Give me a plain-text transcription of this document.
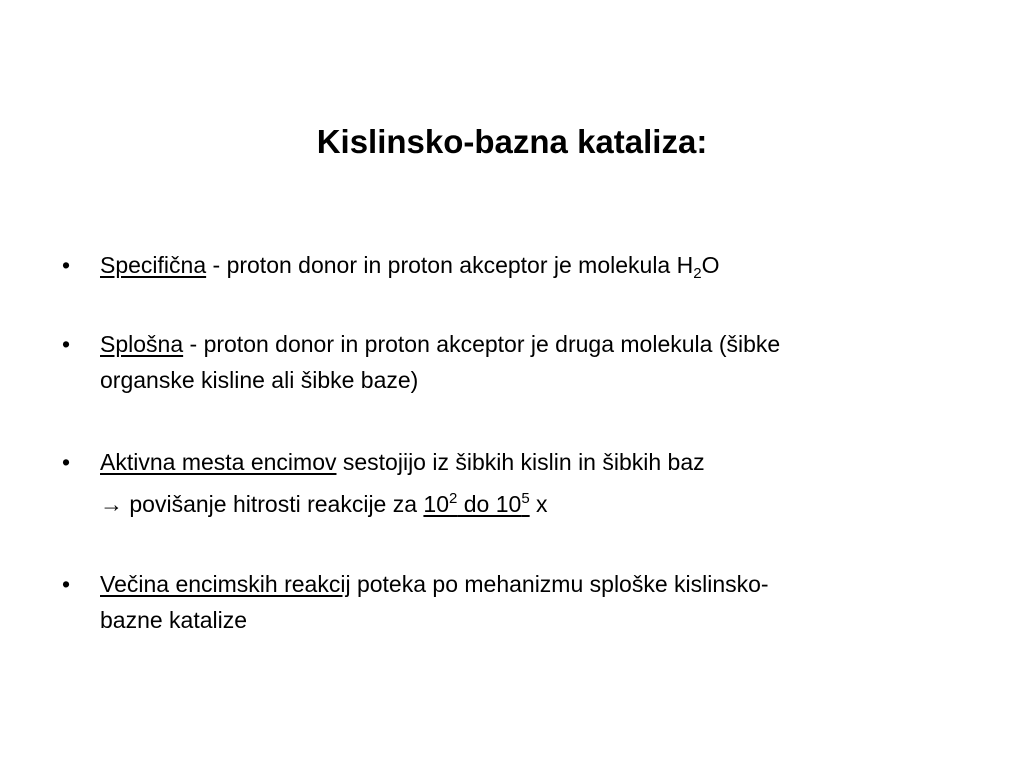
Kislinsko-bazna kataliza:
•	Specifična - proton donor in proton akceptor je molekula $H_2O$
•	Splošna - proton donor in proton akceptor je druga molekula (šibke
organske kisline ali šibke baze)
•	Aktivna mesta encimov sestojijo iz šibkih kislin in šibkih baz
→ povišanje hitrosti reakcije za $10^2$ do $10^5$ x
•	Večina encimskih reakcij poteka po mehanizmu sploške kislinsko-
bazne katalize
